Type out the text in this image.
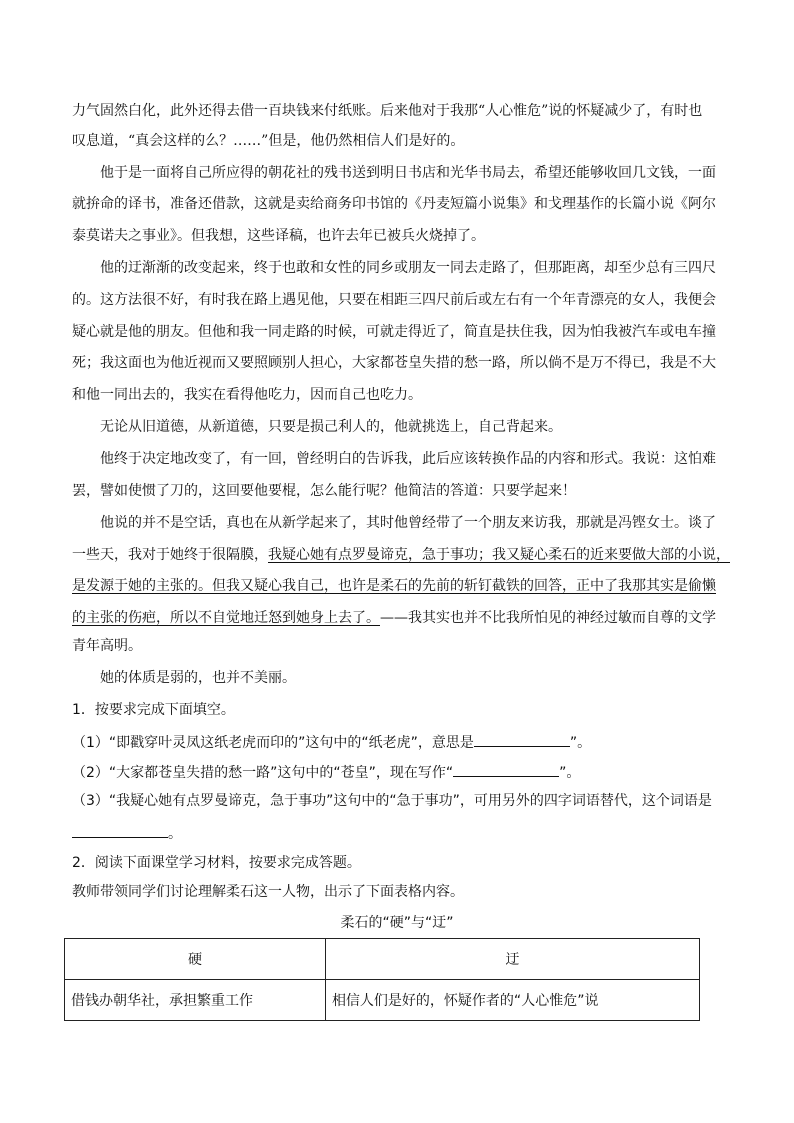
力气固然白化，此外还得去借一百块钱来付纸账。后来他对于我那“人心惟危”说的怀疑减少了，有时也
叹息道，“真会这样的么？……”但是，他仍然相信人们是好的。
他于是一面将自己所应得的朝花社的残书送到明日书店和光华书局去，希望还能够收回几文钱，一面
就拚命的译书，准备还借款，这就是卖给商务印书馆的《丹麦短篇小说集》和戈理基作的长篇小说《阿尔
泰莫诺夫之事业》。但我想，这些译稿，也许去年已被兵火烧掉了。
他的迂渐渐的改变起来，终于也敢和女性的同乡或朋友一同去走路了，但那距离，却至少总有三四尺
的。这方法很不好，有时我在路上遇见他，只要在相距三四尺前后或左右有一个年青漂亮的女人，我便会
疑心就是他的朋友。但他和我一同走路的时候，可就走得近了，简直是扶住我，因为怕我被汽车或电车撞
死；我这面也为他近视而又要照顾别人担心，大家都苍皇失措的愁一路，所以倘不是万不得已，我是不大
和他一同出去的，我实在看得他吃力，因而自己也吃力。
无论从旧道德，从新道德，只要是损己利人的，他就挑选上，自己背起来。
他终于决定地改变了，有一回，曾经明白的告诉我，此后应该转换作品的内容和形式。我说：这怕难
罢，譬如使惯了刀的，这回要他要棍，怎么能行呢？他简洁的答道：只要学起来！
他说的并不是空话，真也在从新学起来了，其时他曾经带了一个朋友来访我，那就是冯铿女士。谈了
一些天，我对于她终于很隔膜，我疑心她有点罗曼谛克，急于事功；我又疑心柔石的近来要做大部的小说，
是发源于她的主张的。但我又疑心我自己，也许是柔石的先前的斩钉截铁的回答，正中了我那其实是偷懒
的主张的伤疤，所以不自觉地迁怒到她身上去了。——我其实也并不比我所怕见的神经过敏而自尊的文学
青年高明。
她的体质是弱的，也并不美丽。
1．按要求完成下面填空。
（1）“即戳穿叶灵凤这纸老虎而印的”这句中的“纸老虎”，意思是	”。
（2）“大家都苍皇失措的愁一路”这句中的“苍皇”，现在写作“	”。
（3）“我疑心她有点罗曼谛克，急于事功”这句中的“急于事功”，可用另外的四字词语替代，这个词语是
。
2．阅读下面课堂学习材料，按要求完成答题。
教师带领同学们讨论理解柔石这一人物，出示了下面表格内容。
柔石的“硬”与“迂”
硬	迂
借钱办朝华社，承担繁重工作	相信人们是好的，怀疑作者的“人心惟危”说
